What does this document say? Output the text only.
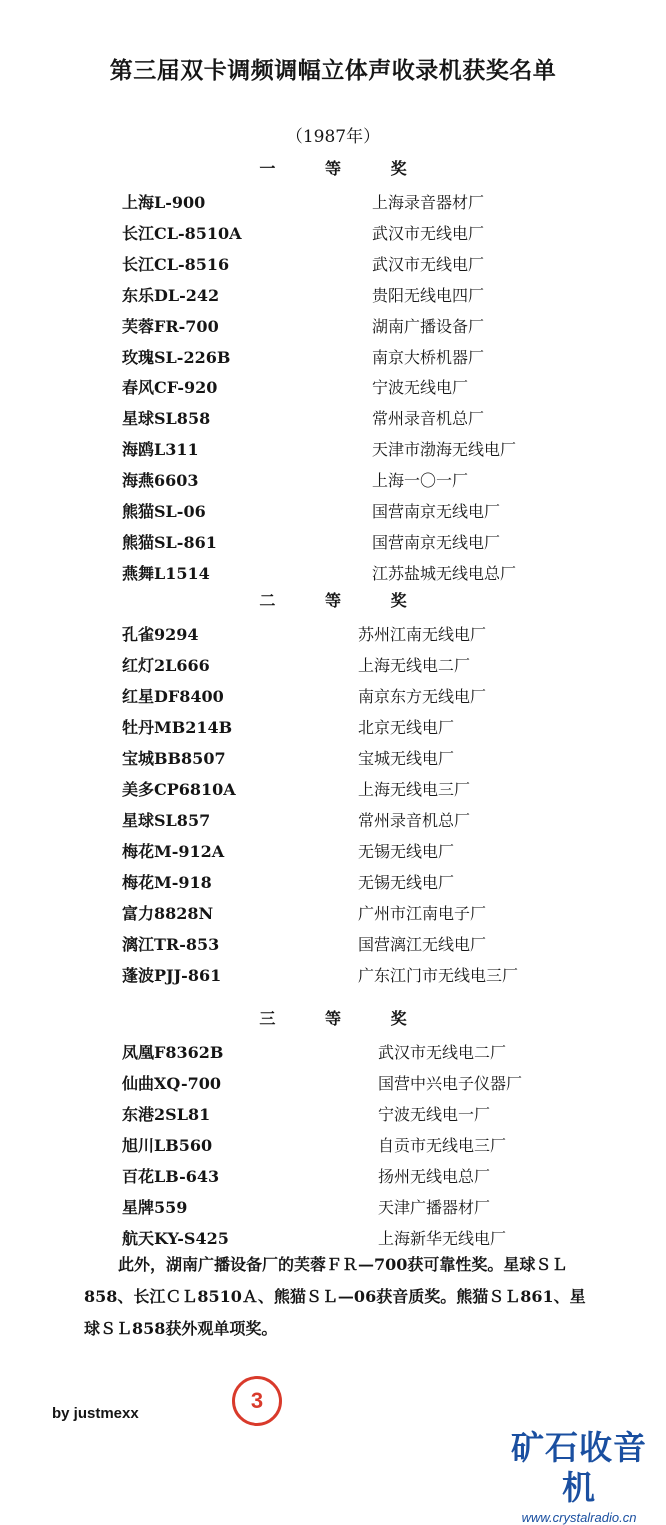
第三届双卡调频调幅立体声收录机获奖名单
（1987年）
一 等 奖
上海L-900	上海录音器材厂
长江CL-8510A	武汉市无线电厂
长江CL-8516	武汉市无线电厂
东乐DL-242	贵阳无线电四厂
芙蓉FR-700	湖南广播设备厂
玫瑰SL-226B	南京大桥机器厂
春风CF-920	宁波无线电厂
星球SL858	常州录音机总厂
海鸥L311	天津市渤海无线电厂
海燕6603	上海一〇一厂
熊猫SL-06	国营南京无线电厂
熊猫SL-861	国营南京无线电厂
燕舞L1514	江苏盐城无线电总厂
二 等 奖
孔雀9294	苏州江南无线电厂
红灯2L666	上海无线电二厂
红星DF8400	南京东方无线电厂
牡丹MB214B	北京无线电厂
宝城BB8507	宝城无线电厂
美多CP6810A	上海无线电三厂
星球SL857	常州录音机总厂
梅花M-912A	无锡无线电厂
梅花M-918	无锡无线电厂
富力8828N	广州市江南电子厂
漓江TR-853	国营漓江无线电厂
蓬波PJJ-861	广东江门市无线电三厂
三 等 奖
凤凰F8362B	武汉市无线电二厂
仙曲XQ-700	国营中兴电子仪器厂
东港2SL81	宁波无线电一厂
旭川LB560	自贡市无线电三厂
百花LB-643	扬州无线电总厂
星牌559	天津广播器材厂
航天KY-S425	上海新华无线电厂

此外，湖南广播设备厂的芙蓉ＦＲ—700获可靠性奖。星球ＳＬ858、长江ＣＬ8510Ａ、熊猫ＳＬ—06获音质奖。熊猫ＳＬ861、星球ＳＬ858获外观单项奖。

by justmexx
3
矿石收音机
www.crystalradio.cn
